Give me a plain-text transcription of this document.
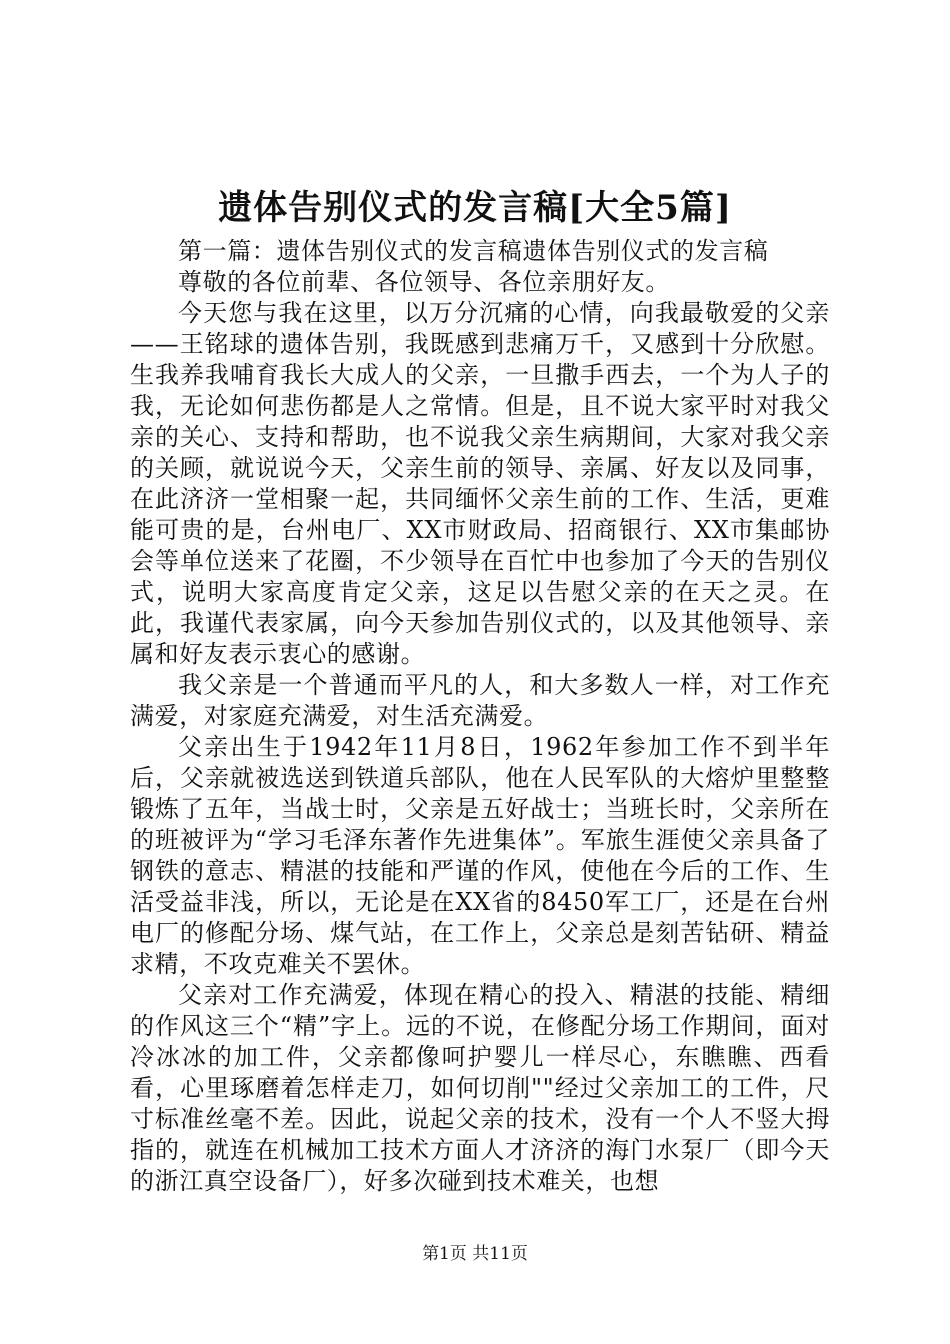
遗体告别仪式的发言稿[大全5篇]

第一篇：遗体告别仪式的发言稿遗体告别仪式的发言稿

尊敬的各位前辈、各位领导、各位亲朋好友。

今天您与我在这里，以万分沉痛的心情，向我最敬爱的父亲——王铭球的遗体告别，我既感到悲痛万千，又感到十分欣慰。生我养我哺育我长大成人的父亲，一旦撒手西去，一个为人子的我，无论如何悲伤都是人之常情。但是，且不说大家平时对我父亲的关心、支持和帮助，也不说我父亲生病期间，大家对我父亲的关顾，就说说今天，父亲生前的领导、亲属、好友以及同事，在此济济一堂相聚一起，共同缅怀父亲生前的工作、生活，更难能可贵的是，台州电厂、XX市财政局、招商银行、XX市集邮协会等单位送来了花圈，不少领导在百忙中也参加了今天的告别仪式，说明大家高度肯定父亲，这足以告慰父亲的在天之灵。在此，我谨代表家属，向今天参加告别仪式的，以及其他领导、亲属和好友表示衷心的感谢。

我父亲是一个普通而平凡的人，和大多数人一样，对工作充满爱，对家庭充满爱，对生活充满爱。

父亲出生于1942年11月8日，1962年参加工作不到半年后，父亲就被选送到铁道兵部队，他在人民军队的大熔炉里整整锻炼了五年，当战士时，父亲是五好战士；当班长时，父亲所在的班被评为“学习毛泽东著作先进集体”。军旅生涯使父亲具备了钢铁的意志、精湛的技能和严谨的作风，使他在今后的工作、生活受益非浅，所以，无论是在XX省的8450军工厂，还是在台州电厂的修配分场、煤气站，在工作上，父亲总是刻苦钻研、精益求精，不攻克难关不罢休。

父亲对工作充满爱，体现在精心的投入、精湛的技能、精细的作风这三个“精”字上。远的不说，在修配分场工作期间，面对冷冰冰的加工件，父亲都像呵护婴儿一样尽心，东瞧瞧、西看看，心里琢磨着怎样走刀，如何切削""经过父亲加工的工件，尺寸标准丝毫不差。因此，说起父亲的技术，没有一个人不竖大拇指的，就连在机械加工技术方面人才济济的海门水泵厂（即今天的浙江真空设备厂），好多次碰到技术难关，也想

第1页 共11页
